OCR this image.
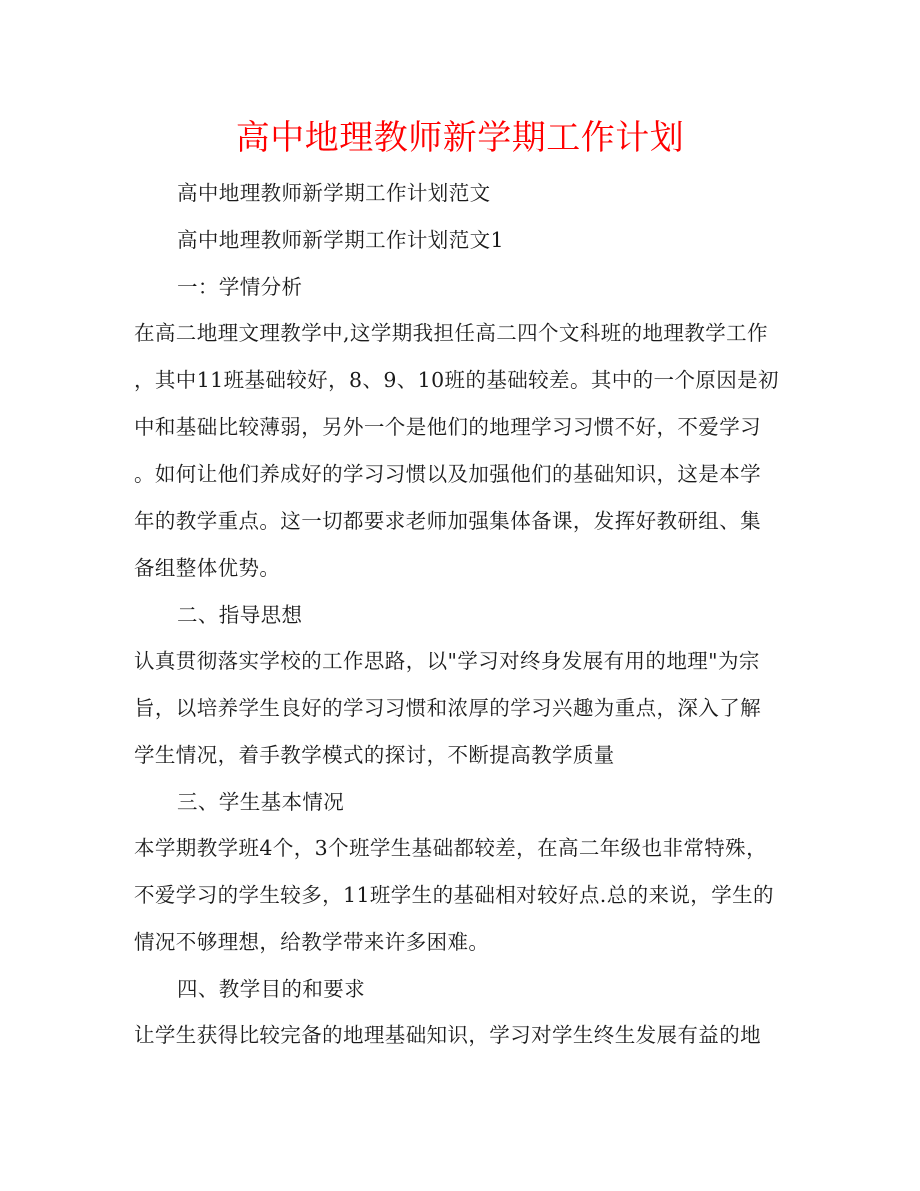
高中地理教师新学期工作计划
高中地理教师新学期工作计划范文
高中地理教师新学期工作计划范文1
一：学情分析
在高二地理文理教学中,这学期我担任高二四个文科班的地理教学工作
，其中11班基础较好，8、9、10班的基础较差。其中的一个原因是初
中和基础比较薄弱，另外一个是他们的地理学习习惯不好，不爱学习
。如何让他们养成好的学习习惯以及加强他们的基础知识，这是本学
年的教学重点。这一切都要求老师加强集体备课，发挥好教研组、集
备组整体优势。
二、指导思想
认真贯彻落实学校的工作思路，以"学习对终身发展有用的地理"为宗
旨，以培养学生良好的学习习惯和浓厚的学习兴趣为重点，深入了解
学生情况，着手教学模式的探讨，不断提高教学质量
三、学生基本情况
本学期教学班4个，3个班学生基础都较差，在高二年级也非常特殊，
不爱学习的学生较多，11班学生的基础相对较好点.总的来说，学生的
情况不够理想，给教学带来许多困难。
四、教学目的和要求
让学生获得比较完备的地理基础知识，学习对学生终生发展有益的地
